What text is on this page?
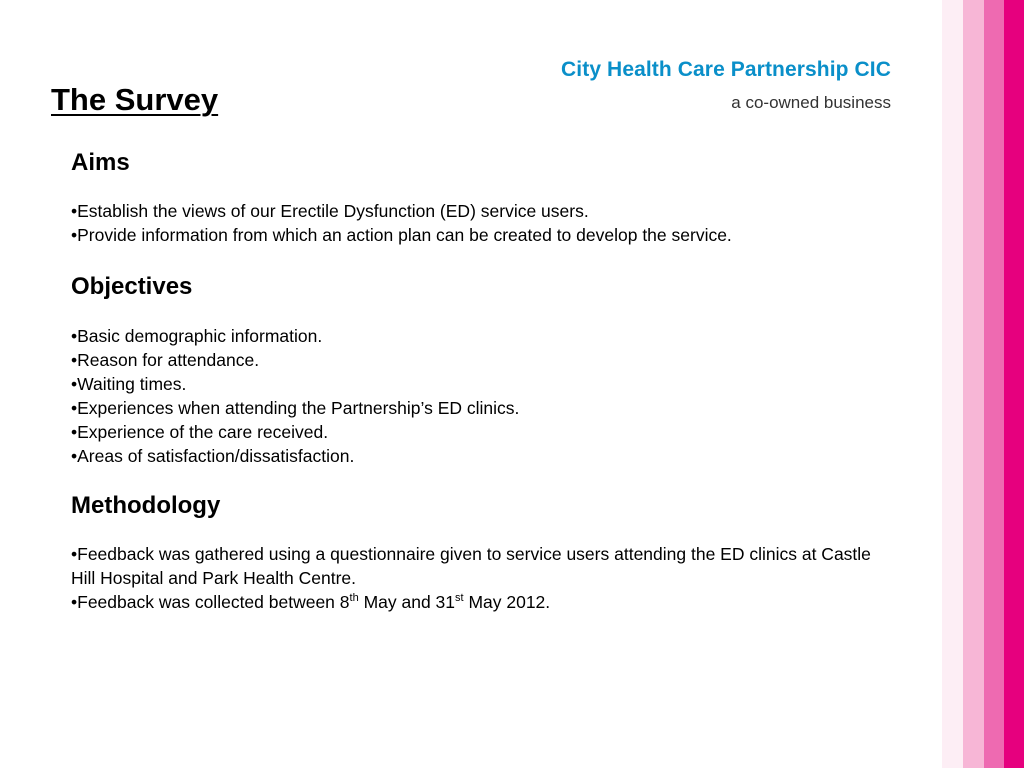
The Survey
City Health Care Partnership CIC
a co-owned business
Aims
•Establish the views of our Erectile Dysfunction (ED) service users.
•Provide information from which an action plan can be created to develop the service.
Objectives
•Basic demographic information.
•Reason for attendance.
•Waiting times.
•Experiences when attending the Partnership’s ED clinics.
•Experience of the care received.
•Areas of satisfaction/dissatisfaction.
Methodology
•Feedback was gathered using a questionnaire given to service users attending the ED clinics at Castle Hill Hospital and Park Health Centre.
•Feedback was collected between 8th May and 31st May 2012.
